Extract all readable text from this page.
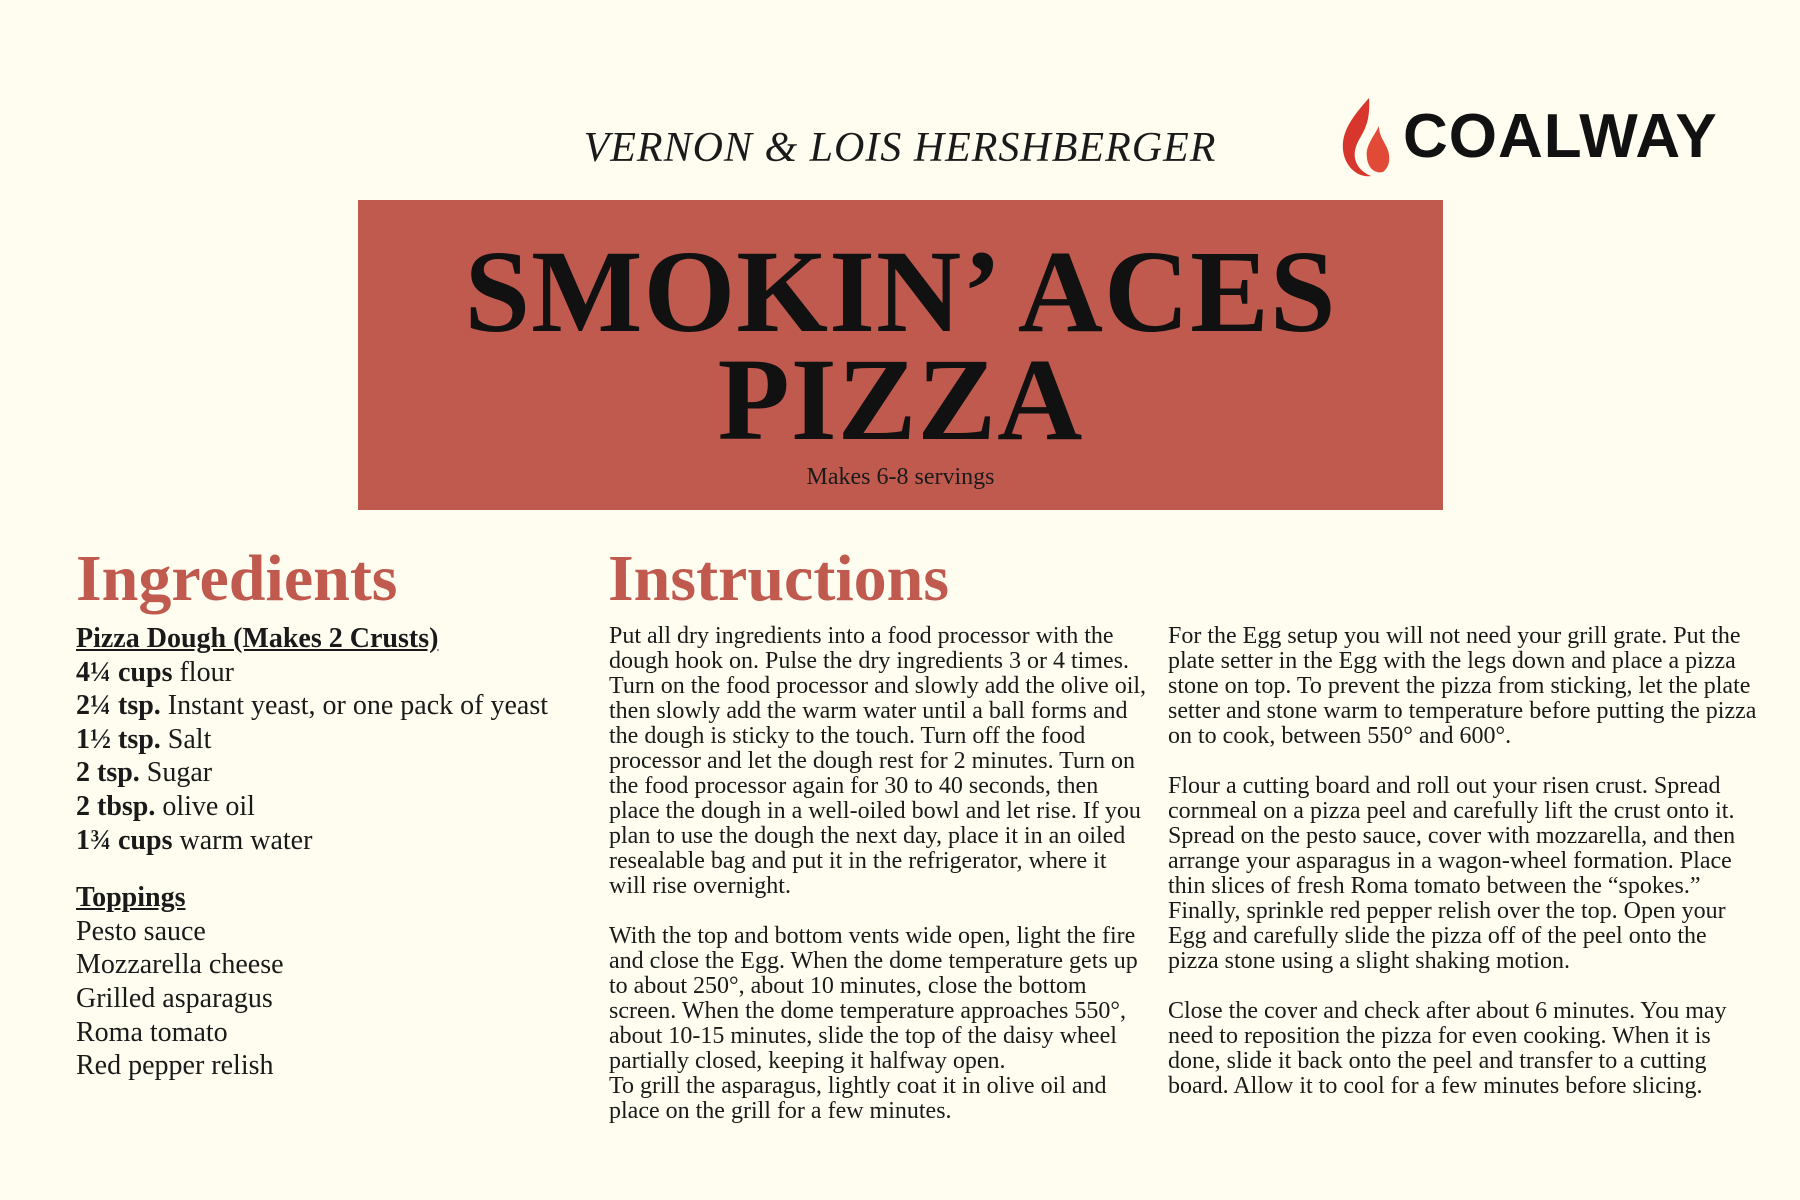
VERNON & LOIS HERSHBERGER	COALWAY
SMOKIN’ ACES
PIZZA
Makes 6-8 servings
Ingredients	Instructions
Pizza Dough (Makes 2 Crusts)
4¼ cups flour
2¼ tsp. Instant yeast, or one pack of yeast
1½ tsp. Salt
2 tsp. Sugar
2 tbsp. olive oil
1¾ cups warm water
Toppings
Pesto sauce
Mozzarella cheese
Grilled asparagus
Roma tomato
Red pepper relish

Put all dry ingredients into a food processor with the dough hook on. Pulse the dry ingredients 3 or 4 times. Turn on the food processor and slowly add the olive oil, then slowly add the warm water until a ball forms and the dough is sticky to the touch. Turn off the food processor and let the dough rest for 2 minutes. Turn on the food processor again for 30 to 40 seconds, then place the dough in a well-oiled bowl and let rise. If you plan to use the dough the next day, place it in an oiled resealable bag and put it in the refrigerator, where it will rise overnight.

With the top and bottom vents wide open, light the fire and close the Egg. When the dome temperature gets up to about 250°, about 10 minutes, close the bottom screen. When the dome temperature approaches 550°, about 10-15 minutes, slide the top of the daisy wheel partially closed, keeping it halfway open.

To grill the asparagus, lightly coat it in olive oil and place on the grill for a few minutes.

For the Egg setup you will not need your grill grate. Put the plate setter in the Egg with the legs down and place a pizza stone on top. To prevent the pizza from sticking, let the plate setter and stone warm to temperature before putting the pizza on to cook, between 550° and 600°.

Flour a cutting board and roll out your risen crust. Spread cornmeal on a pizza peel and carefully lift the crust onto it. Spread on the pesto sauce, cover with mozzarella, and then arrange your asparagus in a wagon-wheel formation. Place thin slices of fresh Roma tomato between the “spokes.” Finally, sprinkle red pepper relish over the top. Open your Egg and carefully slide the pizza off of the peel onto the pizza stone using a slight shaking motion.

Close the cover and check after about 6 minutes. You may need to reposition the pizza for even cooking. When it is done, slide it back onto the peel and transfer to a cutting board. Allow it to cool for a few minutes before slicing.
